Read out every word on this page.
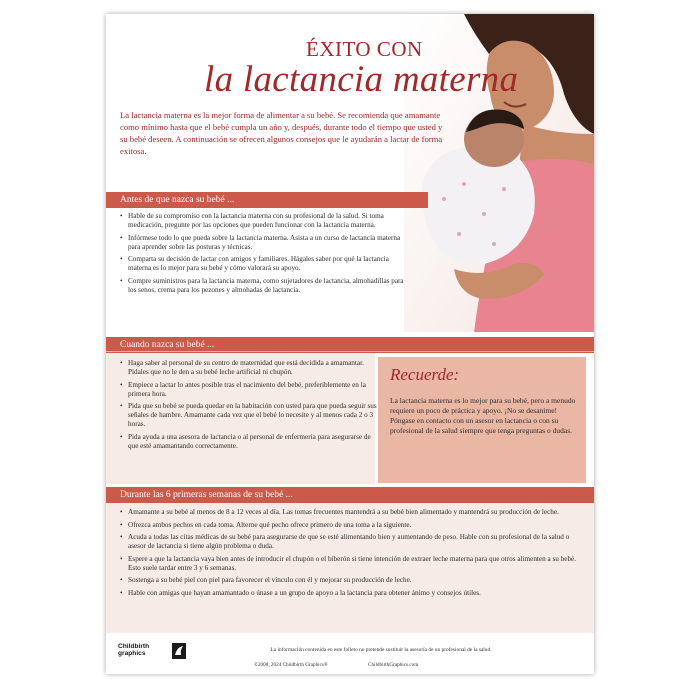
ÉXITO CON
la lactancia materna
La lactancia materna es la mejor forma de alimentar a su bebé. Se recomienda que amamante como mínimo hasta que el bebé cumpla un año y, después, durante todo el tiempo que usted y su bebé deseen. A continuación se ofrecen algunos consejos que le ayudarán a lactar de forma exitosa.
Antes de que nazca su bebé ...
• Hable de su compromiso con la lactancia materna con su profesional de la salud. Si toma medicación, pregunte por las opciones que pueden funcionar con la lactancia materna.
• Infórmese todo lo que pueda sobre la lactancia materna. Asista a un curso de lactancia materna para aprender sobre las posturas y técnicas.
• Comparta su decisión de lactar con amigos y familiares. Hágales saber por qué la lactancia materna es lo mejor para su bebé y cómo valorará su apoyo.
• Compre suministros para la lactancia materna, como sujetadores de lactancia, almohadillas para los senos, crema para los pezones y almohadas de lactancia.
Cuando nazca su bebé ...
• Haga saber al personal de su centro de maternidad que está decidida a amamantar. Pídales que no le den a su bebé leche artificial ni chupón.
• Empiece a lactar lo antes posible tras el nacimiento del bebé, preferiblemente en la primera hora.
• Pida que su bebé se pueda quedar en la habitación con usted para que pueda seguir sus señales de hambre. Amamante cada vez que el bebé lo necesite y al menos cada 2 o 3 horas.
• Pida ayuda a una asesora de lactancia o al personal de enfermería para asegurarse de que esté amamantando correctamente.
Recuerde:
La lactancia materna es lo mejor para su bebé, pero a menudo requiere un poco de práctica y apoyo. ¡No se desanime! Póngase en contacto con un asesor en lactancia o con su profesional de la salud siempre que tenga preguntas o dudas.
Durante las 6 primeras semanas de su bebé ...
• Amamante a su bebé al menos de 8 a 12 veces al día. Las tomas frecuentes mantendrá a su bebé bien alimentado y mantendrá su producción de leche.
• Ofrezca ambos pechos en cada toma. Alterne qué pecho ofrece primero de una toma a la siguiente.
• Acuda a todas las citas médicas de su bebé para asegurarse de que se esté alimentando bien y aumentando de peso. Hable con su profesional de la salud o asesor de lactancia si tiene algún problema o duda.
• Espere a que la lactancia vaya bien antes de introducir el chupón o el biberón si tiene intención de extraer leche materna para que otros alimenten a su bebé. Esto suele tardar entre 3 y 6 semanas.
• Sostenga a su bebé piel con piel para favorecer el vínculo con él y mejorar su producción de leche.
• Hable con amigas que hayan amamantado o únase a un grupo de apoyo a la lactancia para obtener ánimo y consejos útiles.
Childbirth
graphics	La información contenida en este folleto no pretende sustituir la asesoría de un profesional de la salud.
©2008, 2024 Childbirth Graphics®	ChildbirthGraphics.com
